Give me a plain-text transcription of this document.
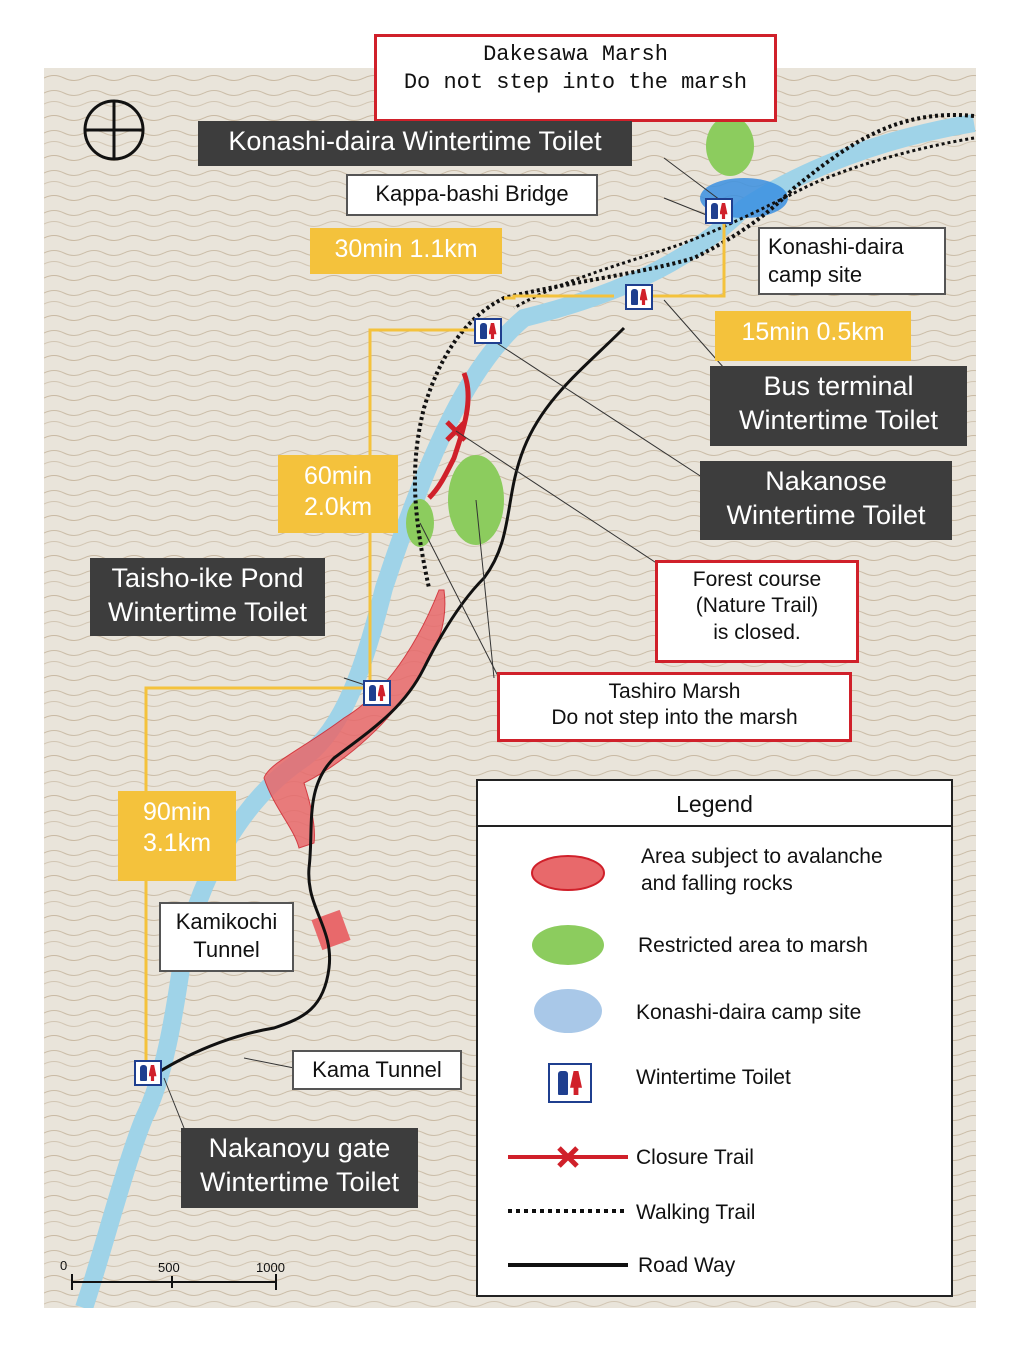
Dakesawa Marsh
Do not step into the marsh
Konashi-daira Wintertime Toilet
Kappa-bashi Bridge
30min 1.1km	Konashi-daira
camp site
15min 0.5km
Bus terminal
Wintertime Toilet
Nakanose
Wintertime Toilet
60min
2.0km
Taisho-ike Pond
Wintertime Toilet
Forest course
(Nature Trail)
is closed.
Tashiro Marsh
Do not step into the marsh
90min
3.1km
Kamikochi
Tunnel
Kama Tunnel
Nakanoyu gate
Wintertime Toilet
Legend
Area subject to avalanche
and falling rocks
Restricted area to marsh
Konashi-daira camp site
Wintertime Toilet
Closure Trail
Walking Trail
Road Way
0	500	1000
